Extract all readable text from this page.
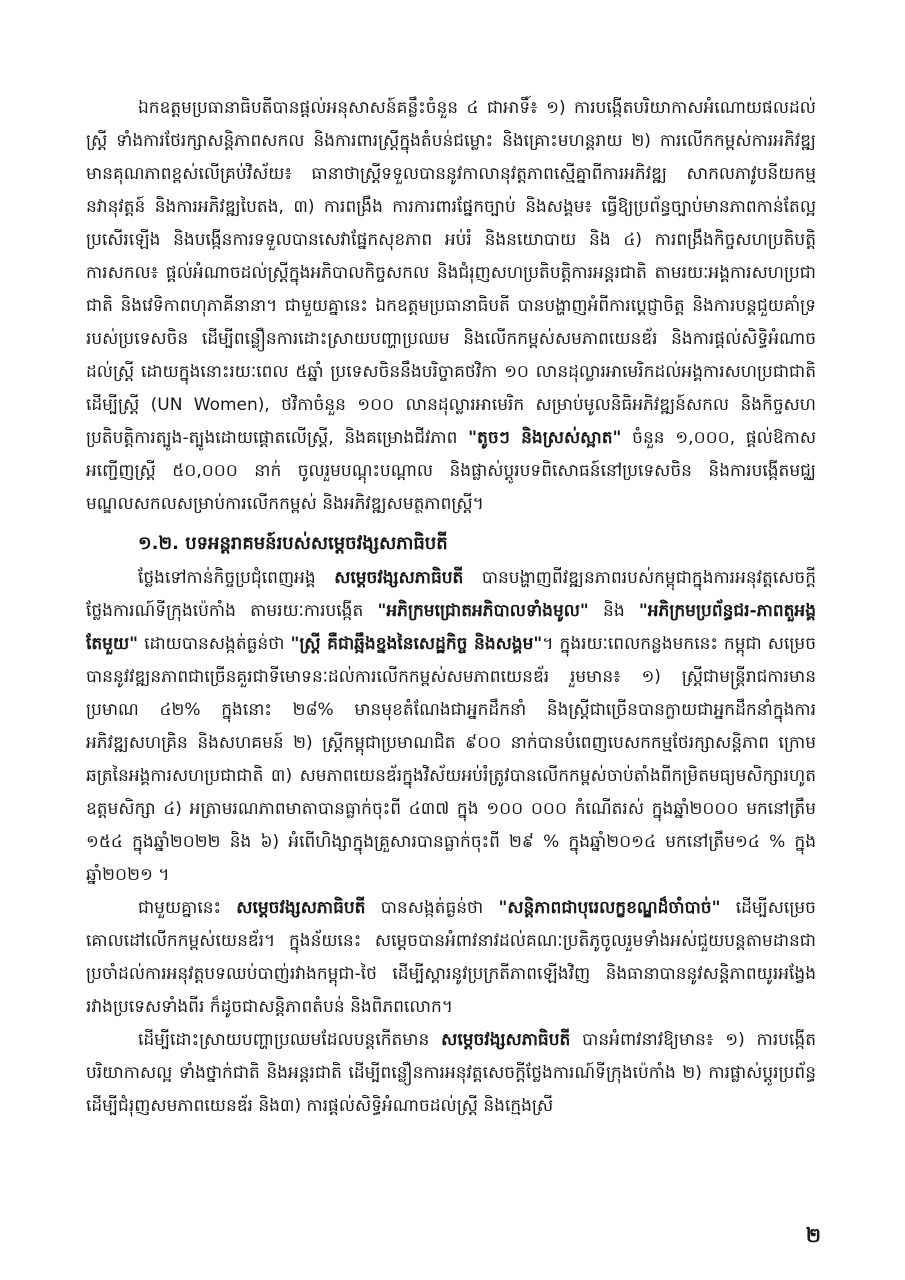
ឯកឧត្តមប្រធានាធិបតីបានផ្តល់អនុសាសន៍គន្លឹះចំនួន ៤ ជាអាទិ៍៖ ១) ការបង្កើតបរិយាកាសអំណោយផលដល់ស្ត្រី ទាំងការថែរក្សាសន្តិភាពសកល និងការពារស្ត្រីក្នុងតំបន់ជម្លោះ និងគ្រោះមហន្តរាយ ២) ការលើកកម្ពស់ការអភិវឌ្ឍមានគុណភាពខ្ពស់លើគ្រប់វិស័យ៖ ធានាថាស្ត្រីទទួលបាននូវកាលានុវត្តភាពស្មើគ្នាពីការអភិវឌ្ឍ សាកលភាវូបនីយកម្ម នវានុវត្តន៍ និងការអភិវឌ្ឍបៃតង, ៣) ការពង្រឹង ការការពារផ្នែកច្បាប់ និងសង្គម៖ ធ្វើឱ្យប្រព័ន្ធច្បាប់មានភាពកាន់តែល្អប្រសើរឡើង និងបង្កើនការទទួលបានសេវាផ្នែកសុខភាព អប់រំ និងនយោបាយ និង ៤) ការពង្រឹងកិច្ចសហប្រតិបត្តិការសកល៖ ផ្តល់អំណាចដល់ស្ត្រីក្នុងអភិបាលកិច្ចសកល និងជំរុញសហប្រតិបត្តិការអន្តរជាតិ តាមរយៈអង្គការសហប្រជាជាតិ និងវេទិកាពហុភាគីនានា។ ជាមួយគ្នានេះ ឯកឧត្តមប្រធានាធិបតី បានបង្ហាញអំពីការប្តេជ្ញាចិត្ត និងការបន្តជួយគាំទ្ររបស់ប្រទេសចិន ដើម្បីពន្លឿនការដោះស្រាយបញ្ហាប្រឈម និងលើកកម្ពស់សមភាពយេនឌ័រ និងការផ្តល់សិទ្ធិអំណាចដល់ស្ត្រី ដោយក្នុងនោះរយៈពេល ៥ឆ្នាំ ប្រទេសចិននឹងបរិច្ចាគថវិកា ១០ លានដុល្លារអាមេរិកដល់អង្គការសហប្រជាជាតិ ដើម្បីស្ត្រី (UN Women), ថវិកាចំនួន ១០០ លានដុល្លារអាមេរិក សម្រាប់មូលនិធិអភិវឌ្ឍន៍សកល និងកិច្ចសហប្រតិបត្តិការត្បូង-ត្បូងដោយផ្តោតលើស្ត្រី, និងគម្រោងជីវភាព "តូចៗ និងស្រស់ស្អាត" ចំនួន ១,០០០, ផ្តល់ឱកាសអញ្ជើញស្ត្រី ៥០,០០០ នាក់ ចូលរួមបណ្តុះបណ្តាល និងផ្លាស់ប្តូរបទពិសោធន៍នៅប្រទេសចិន និងការបង្កើតមជ្ឈមណ្ឌលសកលសម្រាប់ការលើកកម្ពស់ និងអភិវឌ្ឍសមត្ថភាពស្ត្រី។

១.២. បទអន្តរាគមន៍របស់សម្តេចវង្សសភាធិបតី

ថ្លែងទៅកាន់កិច្ចប្រជុំពេញអង្គ សម្តេចវង្សសភាធិបតី បានបង្ហាញពីវឌ្ឍនភាពរបស់កម្ពុជាក្នុងការអនុវត្តសេចក្តីថ្លែងការណ៍ទីក្រុងប៉េកាំង តាមរយៈការបង្កើត "អភិក្រមជ្រោតអភិបាលទាំងមូល" និង "អភិក្រមប្រព័ន្ធជរ-ភាពតួអង្គតែមួយ" ដោយបានសង្កត់ធ្ងន់ថា "ស្ត្រី គឺជាឆ្អឹងខ្នងនៃសេដ្ឋកិច្ច និងសង្គម"។ ក្នុងរយៈពេលកន្លងមកនេះ កម្ពុជា សម្រេចបាននូវវឌ្ឍនភាពជាច្រើនគួរជាទីមោទនៈដល់ការលើកកម្ពស់សមភាពយេនឌ័រ រួមមាន៖ ១) ស្ត្រីជាមន្ត្រីរាជការមានប្រមាណ ៤២% ក្នុងនោះ ២៨% មានមុខតំណែងជាអ្នកដឹកនាំ និងស្ត្រីជាច្រើនបានក្លាយជាអ្នកដឹកនាំក្នុងការអភិវឌ្ឍសហគ្រិន និងសហគមន៍ ២) ស្ត្រីកម្ពុជាប្រមាណជិត ៩០០ នាក់បានបំពេញបេសកកម្មថែរក្សាសន្តិភាព ក្រោមឆត្រនៃអង្គការសហប្រជាជាតិ ៣) សមភាពយេនឌ័រក្នុងវិស័យអប់រំត្រូវបានលើកកម្ពស់ចាប់តាំងពីកម្រិតមធ្យមសិក្សារហូតឧត្តមសិក្សា ៤) អត្រាមរណភាពមាតាបានធ្លាក់ចុះពី ៤៣៧ ក្នុង ១០០ ០០០ កំណើតរស់ ក្នុងឆ្នាំ២០០០ មកនៅត្រឹម ១៥៤ ក្នុងឆ្នាំ២០២២ និង ៦) អំពើហិង្សាក្នុងគ្រួសារបានធ្លាក់ចុះពី ២៩ % ក្នុងឆ្នាំ២០១៤ មកនៅត្រឹម១៤ % ក្នុងឆ្នាំ២០២១ ។

ជាមួយគ្នានេះ សម្តេចវង្សសភាធិបតី បានសង្កត់ធ្ងន់ថា "សន្តិភាពជាបុរេលក្ខខណ្ឌដ៏ចាំបាច់" ដើម្បីសម្រេចគោលដៅលើកកម្ពស់យេនឌ័រ។ ក្នុងន័យនេះ សម្តេចបានអំពាវនាវដល់គណៈប្រតិភូចូលរួមទាំងអស់ជួយបន្តតាមដានជាប្រចាំដល់ការអនុវត្តបទឈប់បាញ់រវាងកម្ពុជា-ថៃ ដើម្បីស្តារនូវប្រក្រតីភាពឡើងវិញ និងធានាបាននូវសន្តិភាពយូរអង្វែងរវាងប្រទេសទាំងពីរ ក៏ដូចជាសន្តិភាពតំបន់ និងពិភពលោក។

ដើម្បីដោះស្រាយបញ្ហាប្រឈមដែលបន្តកើតមាន សម្តេចវង្សសភាធិបតី បានអំពាវនាវឱ្យមាន៖ ១) ការបង្កើតបរិយាកាសល្អ ទាំងថ្នាក់ជាតិ និងអន្តរជាតិ ដើម្បីពន្លឿនការអនុវត្តសេចក្តីថ្លែងការណ៍ទីក្រុងប៉េកាំង ២) ការផ្លាស់ប្តូរប្រព័ន្ធ ដើម្បីជំរុញសមភាពយេនឌ័រ និង៣) ការផ្តល់សិទ្ធិអំណាចដល់ស្ត្រី និងក្មេងស្រី

២
